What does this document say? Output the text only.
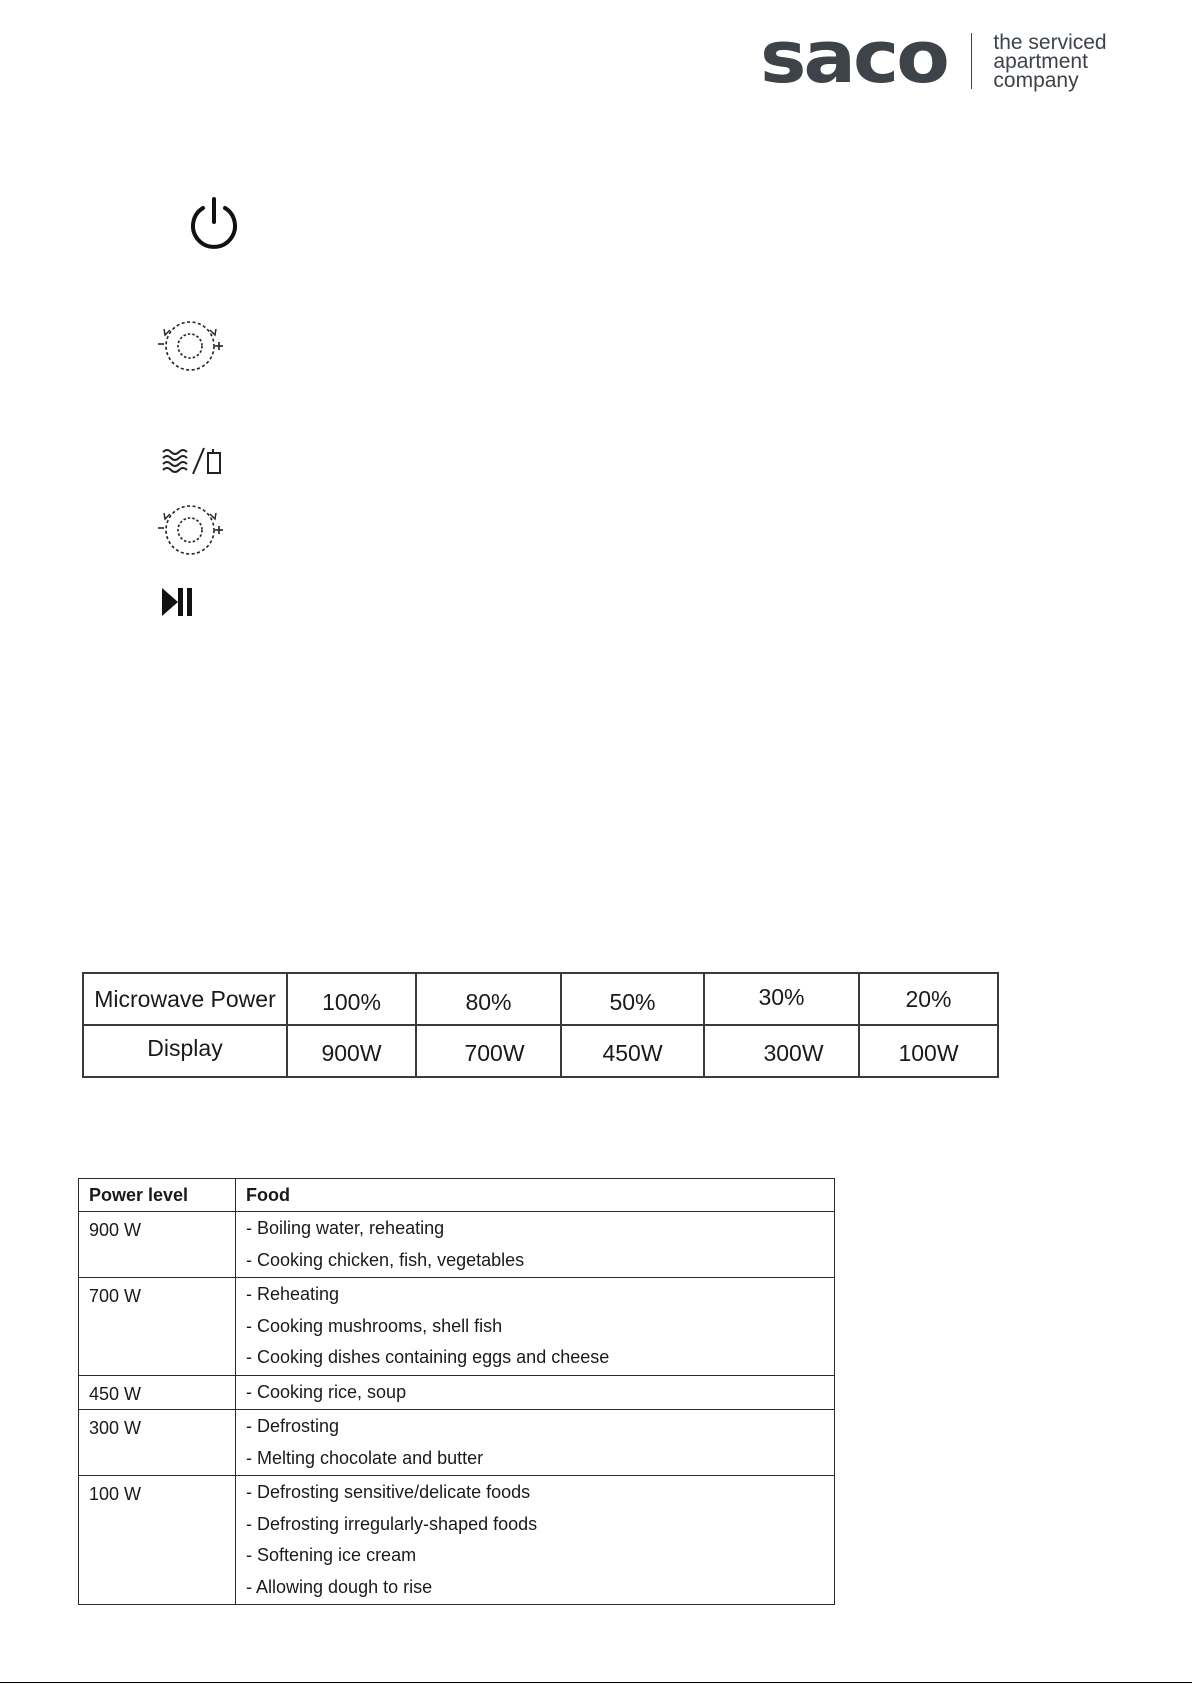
saco the serviced
apartment
company
Microwave Power	100%	80%	50%	30%	20%
Display	900W	700W	450W	300W	100W
Power level	Food
900 W	- Boiling water, reheating
- Cooking chicken, fish, vegetables

700 W	- Reheating
- Cooking mushrooms, shell fish
- Cooking dishes containing eggs and cheese

450 W	- Cooking rice, soup

300 W	- Defrosting
- Melting chocolate and butter

100 W	- Defrosting sensitive/delicate foods
- Defrosting irregularly-shaped foods
- Softening ice cream
- Allowing dough to rise
